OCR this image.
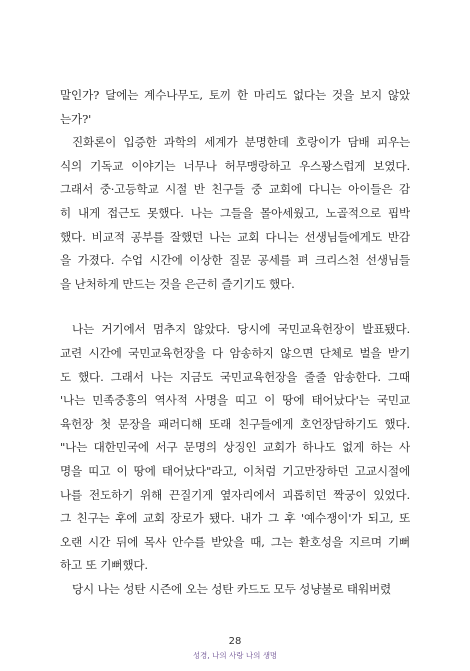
말인가? 달에는 계수나무도, 토끼 한 마리도 없다는 것을 보지 않았
는가?'
진화론이 입증한 과학의 세계가 분명한데 호랑이가 담배 피우는
식의 기독교 이야기는 너무나 허무맹랑하고 우스꽝스럽게 보였다.
그래서 중·고등학교 시절 반 친구들 중 교회에 다니는 아이들은 감
히 내게 접근도 못했다. 나는 그들을 몰아세웠고, 노골적으로 핍박
했다. 비교적 공부를 잘했던 나는 교회 다니는 선생님들에게도 반감
을 가졌다. 수업 시간에 이상한 질문 공세를 펴 크리스천 선생님들
을 난처하게 만드는 것을 은근히 즐기기도 했다.
나는 거기에서 멈추지 않았다. 당시에 국민교육헌장이 발표됐다.
교련 시간에 국민교육헌장을 다 암송하지 않으면 단체로 벌을 받기
도 했다. 그래서 나는 지금도 국민교육헌장을 줄줄 암송한다. 그때
'나는 민족중흥의 역사적 사명을 띠고 이 땅에 태어났다'는 국민교
육헌장 첫 문장을 패러디해 또래 친구들에게 호언장담하기도 했다.
"나는 대한민국에 서구 문명의 상징인 교회가 하나도 없게 하는 사
명을 띠고 이 땅에 태어났다"라고, 이처럼 기고만장하던 고교시절에
나를 전도하기 위해 끈질기게 옆자리에서 괴롭히던 짝궁이 있었다.
그 친구는 후에 교회 장로가 됐다. 내가 그 후 '예수쟁이'가 되고, 또
오랜 시간 뒤에 목사 안수를 받았을 때, 그는 환호성을 지르며 기뻐
하고 또 기뻐했다.
당시 나는 성탄 시즌에 오는 성탄 카드도 모두 성냥불로 태워버렸
28
성경, 나의 사랑 나의 생명
